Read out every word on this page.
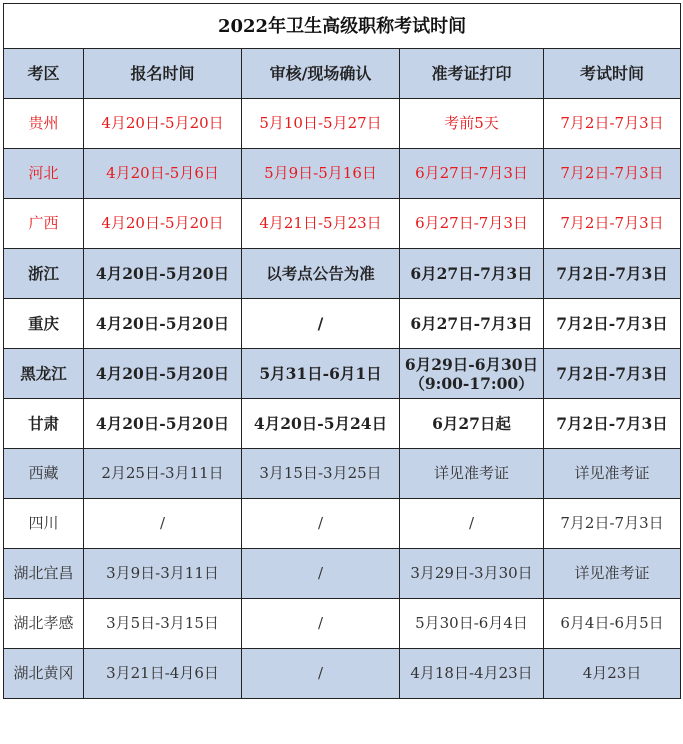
2022年卫生高级职称考试时间				
考区	报名时间	审核/现场确认	准考证打印	考试时间

贵州	4月20日-5月20日	5月10日-5月27日	考前5天	7月2日-7月3日

河北	4月20日-5月6日	5月9日-5月16日	6月27日-7月3日	7月2日-7月3日

广西	4月20日-5月20日	4月21日-5月23日	6月27日-7月3日	7月2日-7月3日

浙江	4月20日-5月20日	以考点公告为准	6月27日-7月3日	7月2日-7月3日

重庆	4月20日-5月20日	/	6月27日-7月3日	7月2日-7月3日

黑龙江	4月20日-5月20日	5月31日-6月1日	6月29日-6月30日
（9:00-17:00）	7月2日-7月3日

甘肃	4月20日-5月20日	4月20日-5月24日	6月27日起	7月2日-7月3日

西藏	2月25日-3月11日	3月15日-3月25日	详见准考证	详见准考证

四川	/	/	/	7月2日-7月3日

湖北宜昌	3月9日-3月11日	/	3月29日-3月30日	详见准考证

湖北孝感	3月5日-3月15日	/	5月30日-6月4日	6月4日-6月5日

湖北黄冈	3月21日-4月6日	/	4月18日-4月23日	4月23日
